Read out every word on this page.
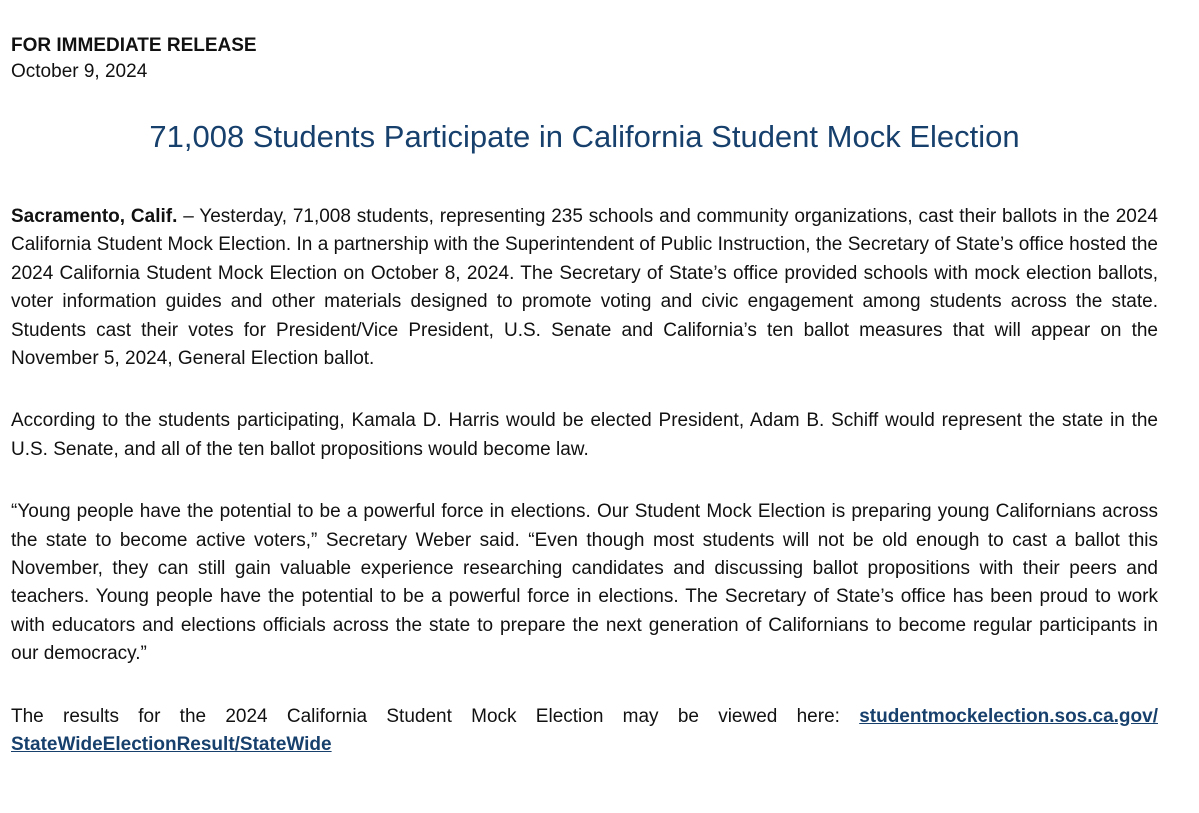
FOR IMMEDIATE RELEASE

October 9, 2024

71,008 Students Participate in California Student Mock Election

Sacramento, Calif. – Yesterday, 71,008 students, representing 235 schools and community organizations, cast their ballots in the 2024 California Student Mock Election. In a partnership with the Superintendent of Public Instruction, the Secretary of State’s office hosted the 2024 California Student Mock Election on October 8, 2024. The Secretary of State’s office provided schools with mock election ballots, voter information guides and other materials designed to promote voting and civic engagement among students across the state. Students cast their votes for President/Vice President, U.S. Senate and California’s ten ballot measures that will appear on the November 5, 2024, General Election ballot.

According to the students participating, Kamala D. Harris would be elected President, Adam B. Schiff would represent the state in the U.S. Senate, and all of the ten ballot propositions would become law.

“Young people have the potential to be a powerful force in elections. Our Student Mock Election is preparing young Californians across the state to become active voters,” Secretary Weber said. “Even though most students will not be old enough to cast a ballot this November, they can still gain valuable experience researching candidates and discussing ballot propositions with their peers and teachers. Young people have the potential to be a powerful force in elections. The Secretary of State’s office has been proud to work with educators and elections officials across the state to prepare the next generation of Californians to become regular participants in our democracy.”

The results for the 2024 California Student Mock Election may be viewed here: studentmockelection.sos.ca.gov/ StateWideElectionResult/StateWide
